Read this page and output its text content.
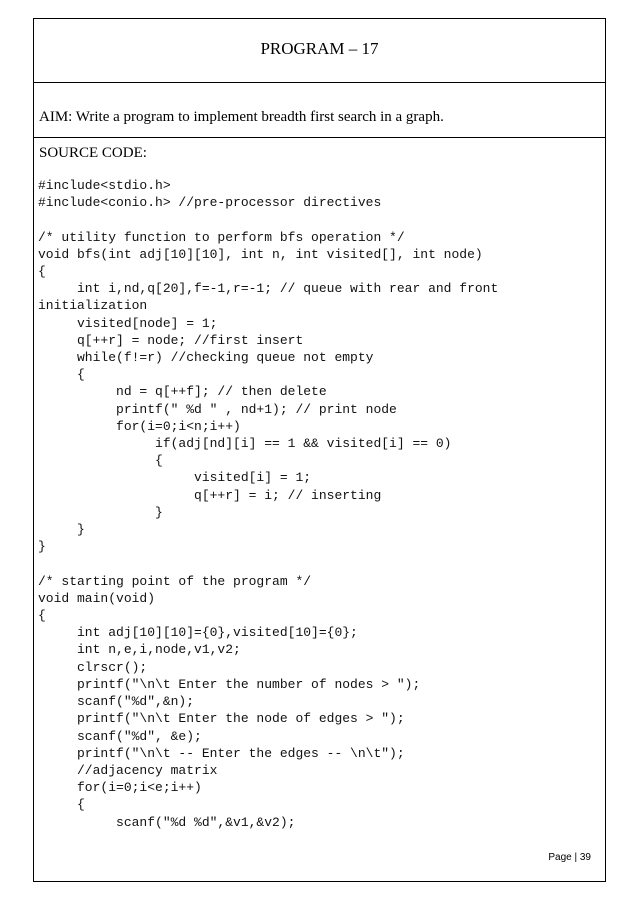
PROGRAM – 17
AIM: Write a program to implement breadth first search in a graph.
SOURCE CODE:
#include<stdio.h>
#include<conio.h> //pre-processor directives

/* utility function to perform bfs operation */
void bfs(int adj[10][10], int n, int visited[], int node)
{
int i,nd,q[20],f=-1,r=-1; // queue with rear and front
initialization
visited[node] = 1;
q[++r] = node; //first insert
while(f!=r) //checking queue not empty
{
nd = q[++f]; // then delete
printf(" %d " , nd+1); // print node
for(i=0;i<n;i++)
if(adj[nd][i] == 1 && visited[i] == 0)
{
visited[i] = 1;
q[++r] = i; // inserting
}
}
}

/* starting point of the program */
void main(void)
{
int adj[10][10]={0},visited[10]={0};
int n,e,i,node,v1,v2;
clrscr();
printf("\n\t Enter the number of nodes > ");
scanf("%d",&n);
printf("\n\t Enter the node of edges > ");
scanf("%d", &e);
printf("\n\t -- Enter the edges -- \n\t");
//adjacency matrix
for(i=0;i<e;i++)
{
scanf("%d %d",&v1,&v2);
Page | 39
